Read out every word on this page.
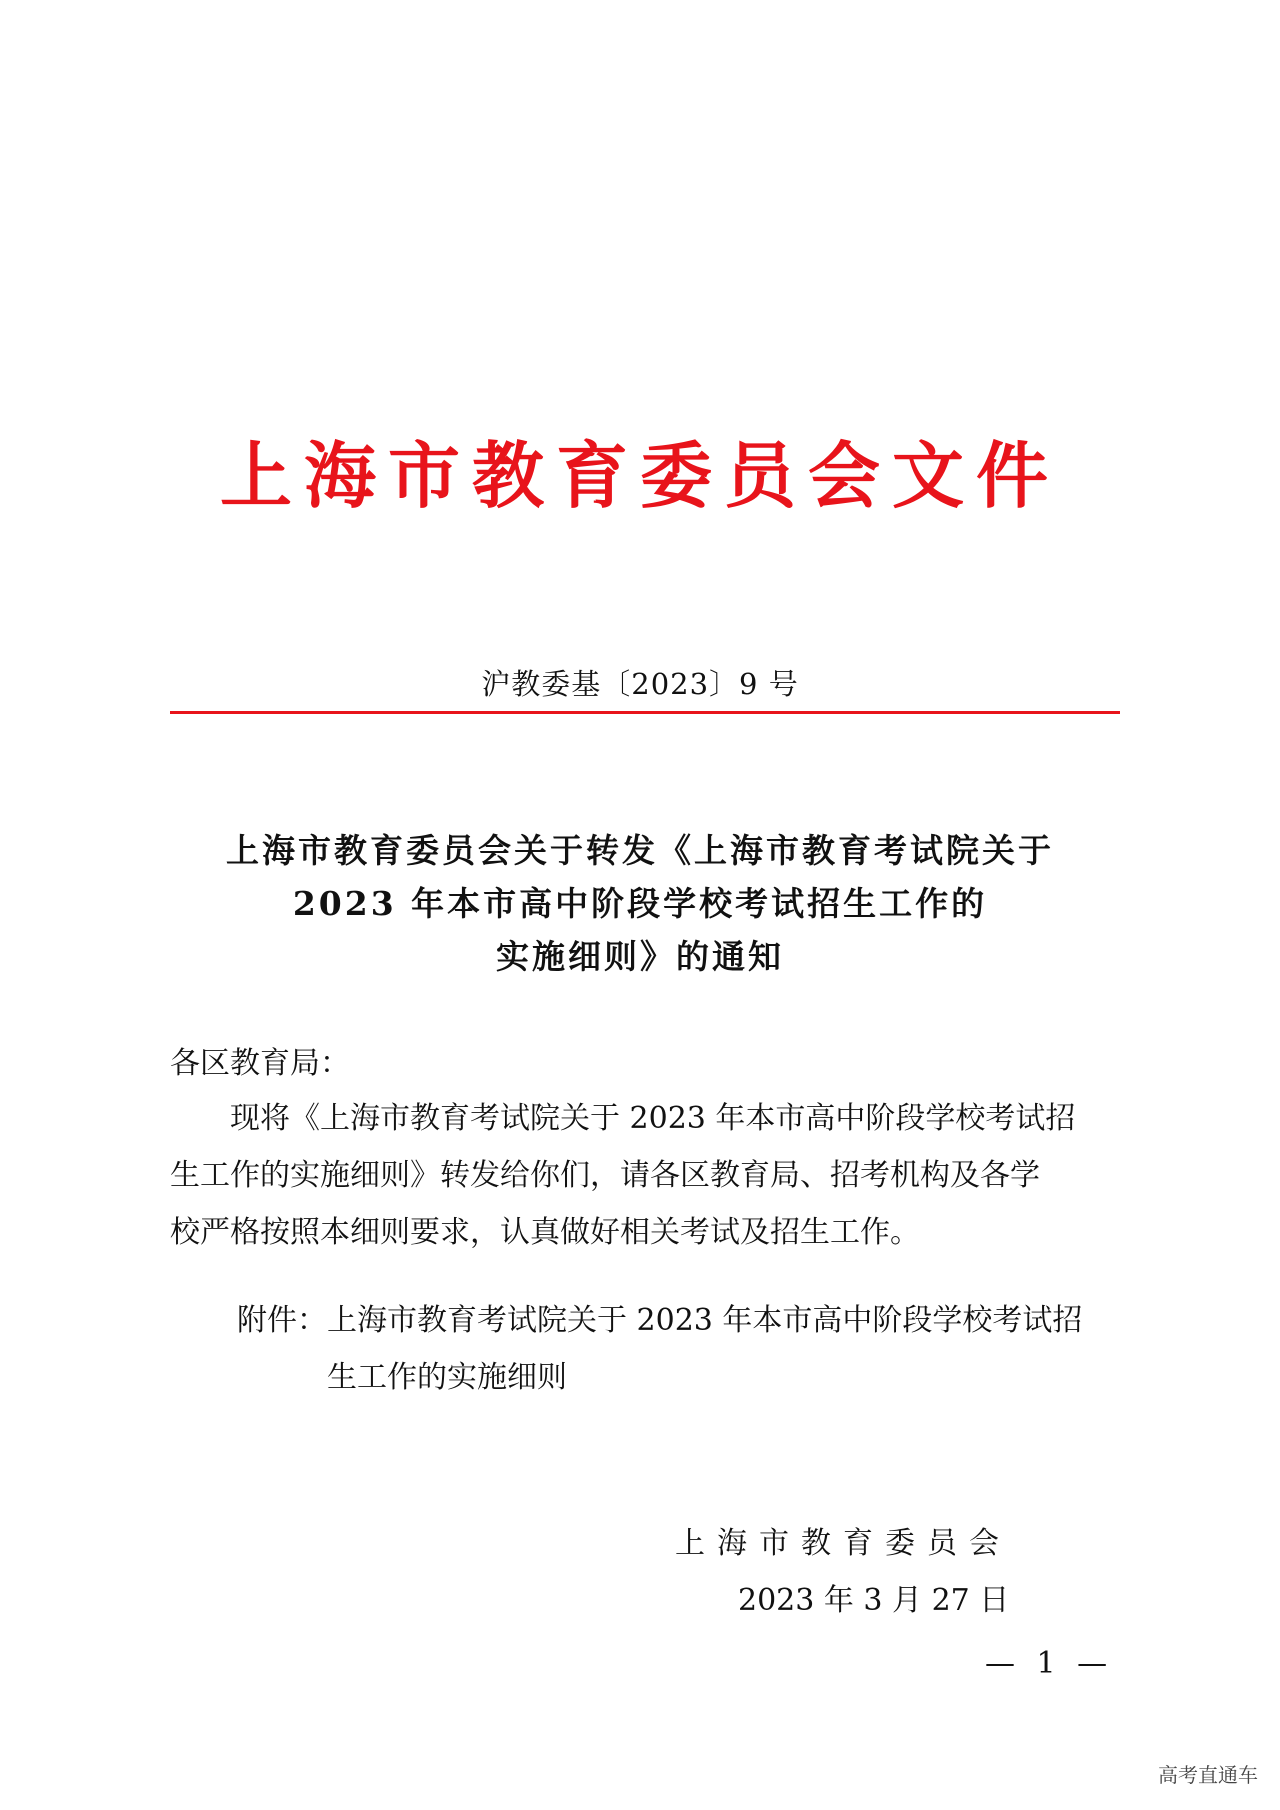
上海市教育委员会文件
沪教委基〔2023〕9 号
上海市教育委员会关于转发《上海市教育考试院关于
2023 年本市高中阶段学校考试招生工作的
实施细则》的通知
各区教育局：
　　现将《上海市教育考试院关于 2023 年本市高中阶段学校考试招
生工作的实施细则》转发给你们，请各区教育局、招考机构及各学
校严格按照本细则要求，认真做好相关考试及招生工作。
附件：上海市教育考试院关于 2023 年本市高中阶段学校考试招
　　　生工作的实施细则
上海市教育委员会
2023 年 3 月 27 日
— 1 —
高考直通车
